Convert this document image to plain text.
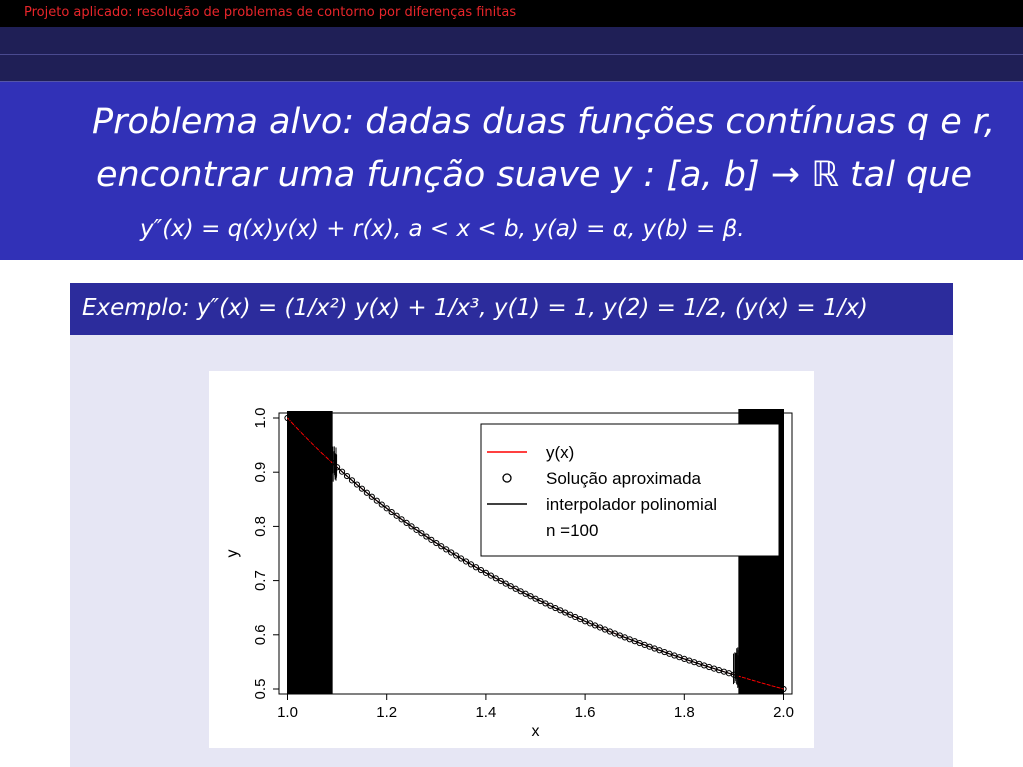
Projeto aplicado: resolução de problemas de contorno por diferenças finitas
Problema alvo: dadas duas funções contínuas q e r,
encontrar uma função suave y : [a, b] → ℝ tal que
y″(x) = q(x)y(x) + r(x), a < x < b, y(a) = α, y(b) = β.
Exemplo: y″(x) = (1/x²) y(x) + 1/x³, y(1) = 1, y(2) = 1/2, (y(x) = 1/x)
1.0	1.2	1.4	1.6	1.8	2.0
0.5
0.6
0.7
0.8
0.9
1.0
x
y
y(x)
Solução aproximada
interpolador polinomial
n =100
